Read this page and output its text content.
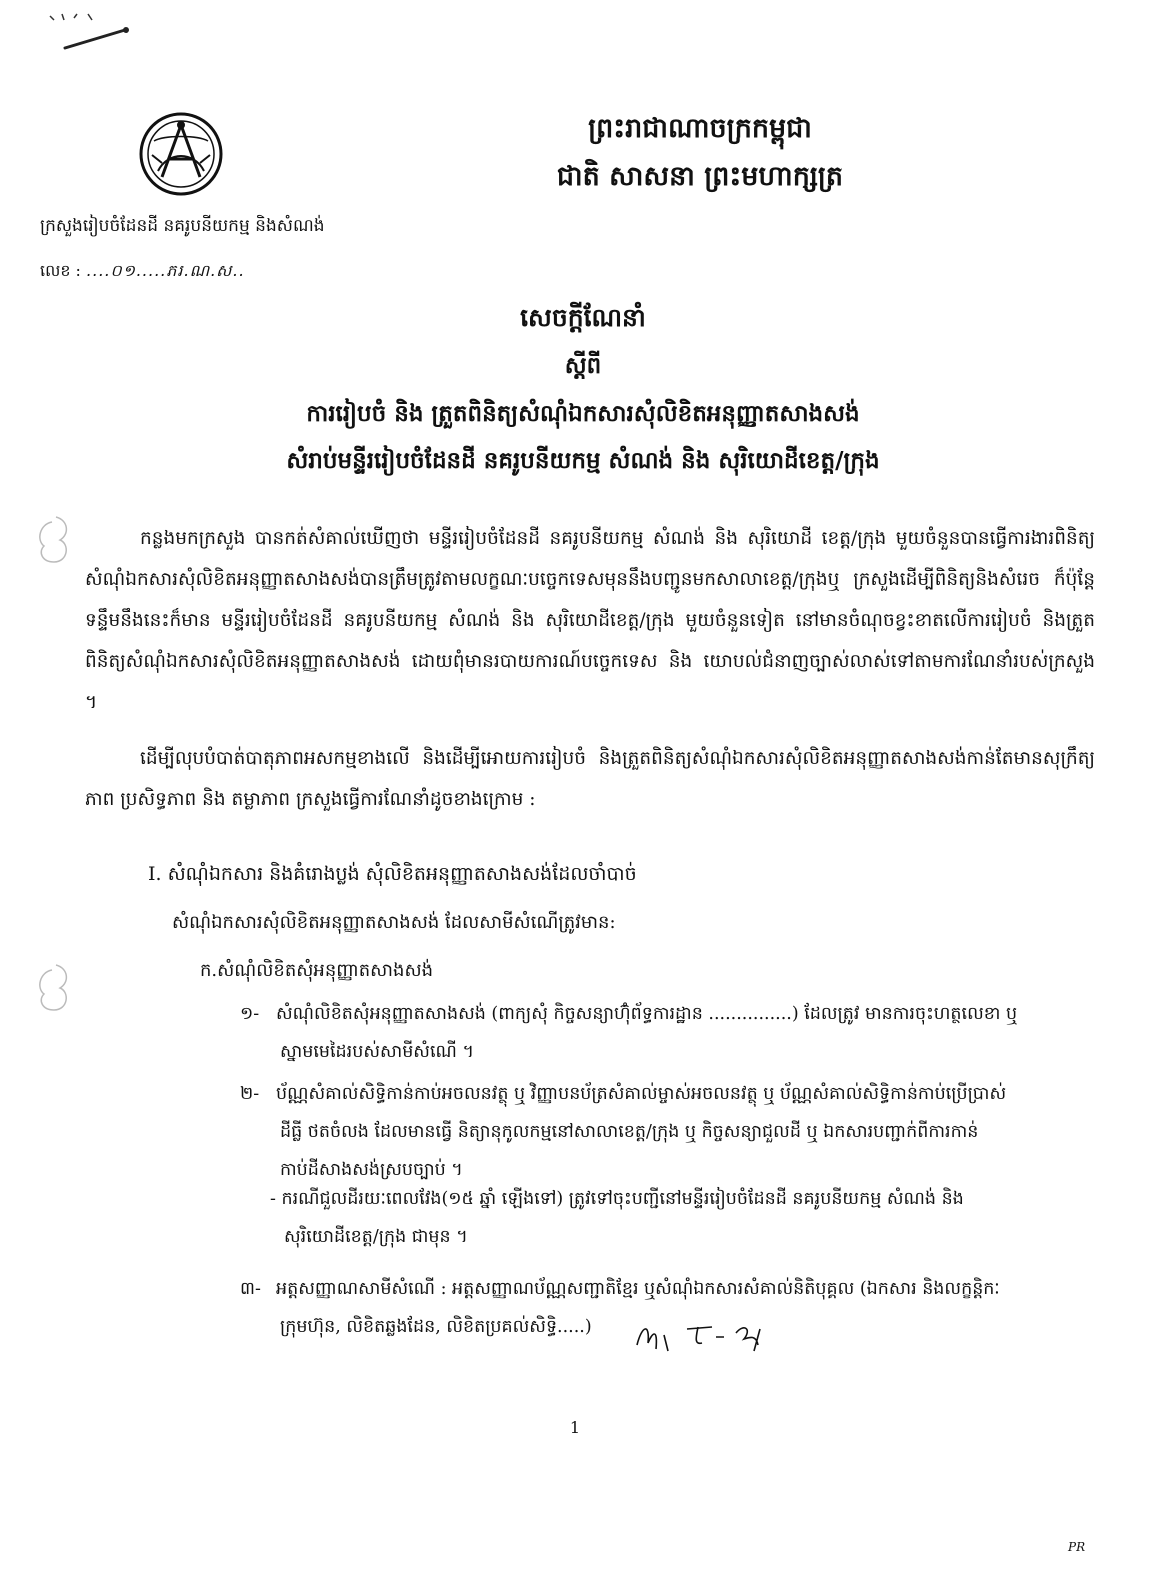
ព្រះរាជាណាចក្រកម្ពុជា
ជាតិ សាសនា ព្រះមហាក្សត្រ
ក្រសួងរៀបចំដែនដី នគរូបនីយកម្ម និងសំណង់
លេខ : ....០១.....ភរ.ណ.ស..
សេចក្តីណែនាំ
ស្តីពី
ការរៀបចំ និង ត្រួតពិនិត្យសំណុំឯកសារសុំលិខិតអនុញ្ញាតសាងសង់
សំរាប់មន្ទីររៀបចំដែនដី នគរូបនីយកម្ម សំណង់ និង សុរិយោដីខេត្ត/ក្រុង
កន្លងមកក្រសួង បានកត់សំគាល់ឃើញថា មន្ទីររៀបចំដែនដី នគរូបនីយកម្ម សំណង់ និង សុរិយោដី ខេត្ត/ក្រុង មួយចំនួនបានធ្វើការងារពិនិត្យសំណុំឯកសារសុំលិខិតអនុញ្ញាតសាងសង់បានត្រឹមត្រូវតាមលក្ខណៈបច្ចេកទេសមុននឹងបញ្ជូនមកសាលាខេត្ត/ក្រុងឬ ក្រសួងដើម្បីពិនិត្យនិងសំរេច ក៏ប៉ុន្តែទន្ទឹមនឹងនេះក៏មាន មន្ទីររៀបចំដែនដី នគរូបនីយកម្ម សំណង់ និង សុរិយោដីខេត្ត/ក្រុង មួយចំនួនទៀត នៅមានចំណុចខ្វះខាតលើការរៀបចំ និងត្រួតពិនិត្យសំណុំឯកសារសុំលិខិតអនុញ្ញាតសាងសង់ ដោយពុំមានរបាយការណ៍បច្ចេកទេស និង យោបល់ជំនាញច្បាស់លាស់ទៅតាមការណែនាំរបស់ក្រសួង ។
ដើម្បីលុបបំបាត់បាតុភាពអសកម្មខាងលើ និងដើម្បីអោយការរៀបចំ និងត្រួតពិនិត្យសំណុំឯកសារសុំលិខិតអនុញ្ញាតសាងសង់កាន់តែមានសុក្រឹត្យភាព ប្រសិទ្ធភាព និង តម្លាភាព ក្រសួងធ្វើការណែនាំដូចខាងក្រោម :
I. សំណុំឯកសារ និងគំរោងប្លង់ សុំលិខិតអនុញ្ញាតសាងសង់ដែលចាំបាច់
សំណុំឯកសារសុំលិខិតអនុញ្ញាតសាងសង់ ដែលសាមីសំណើត្រូវមាន:
ក.សំណុំលិខិតសុំអនុញ្ញាតសាងសង់
១- សំណុំលិខិតសុំអនុញ្ញាតសាងសង់ (ពាក្យសុំ កិច្ចសន្យាហ៊ុំព័ទ្ធការដ្ឋាន ...............) ដែលត្រូវ មានការចុះហត្ថលេខា ឬ
ស្នាមមេដៃរបស់សាមីសំណើ ។
២- ប័ណ្ណសំគាល់សិទ្ធិកាន់កាប់អចលនវត្ថុ ឬ វិញ្ញាបនប័ត្រសំគាល់ម្ចាស់អចលនវត្ថុ ឬ ប័ណ្ណសំគាល់សិទ្ធិកាន់កាប់ប្រើប្រាស់
ដីធ្លី ថតចំលង ដែលមានធ្វើ និត្យានុកូលកម្មនៅសាលាខេត្ត/ក្រុង ឬ កិច្ចសន្យាជួលដី ឬ ឯកសារបញ្ជាក់ពីការកាន់
កាប់ដីសាងសង់ស្របច្បាប់ ។
- ករណីជួលដីរយៈពេលវែង(១៥ ឆ្នាំ ឡើងទៅ) ត្រូវទៅចុះបញ្ជីនៅមន្ទីររៀបចំដែនដី នគរូបនីយកម្ម សំណង់ និង
សុរិយោដីខេត្ត/ក្រុង ជាមុន ។
៣- អត្តសញ្ញាណសាមីសំណើ : អត្តសញ្ញាណប័ណ្ណសញ្ជាតិខ្មែរ ឬសំណុំឯកសារសំគាល់និតិបុគ្គល (ឯកសារ និងលក្ខន្តិកៈ
ក្រុមហ៊ុន, លិខិតឆ្លងដែន, លិខិតប្រគល់សិទ្ធិ.....)
1
PR
